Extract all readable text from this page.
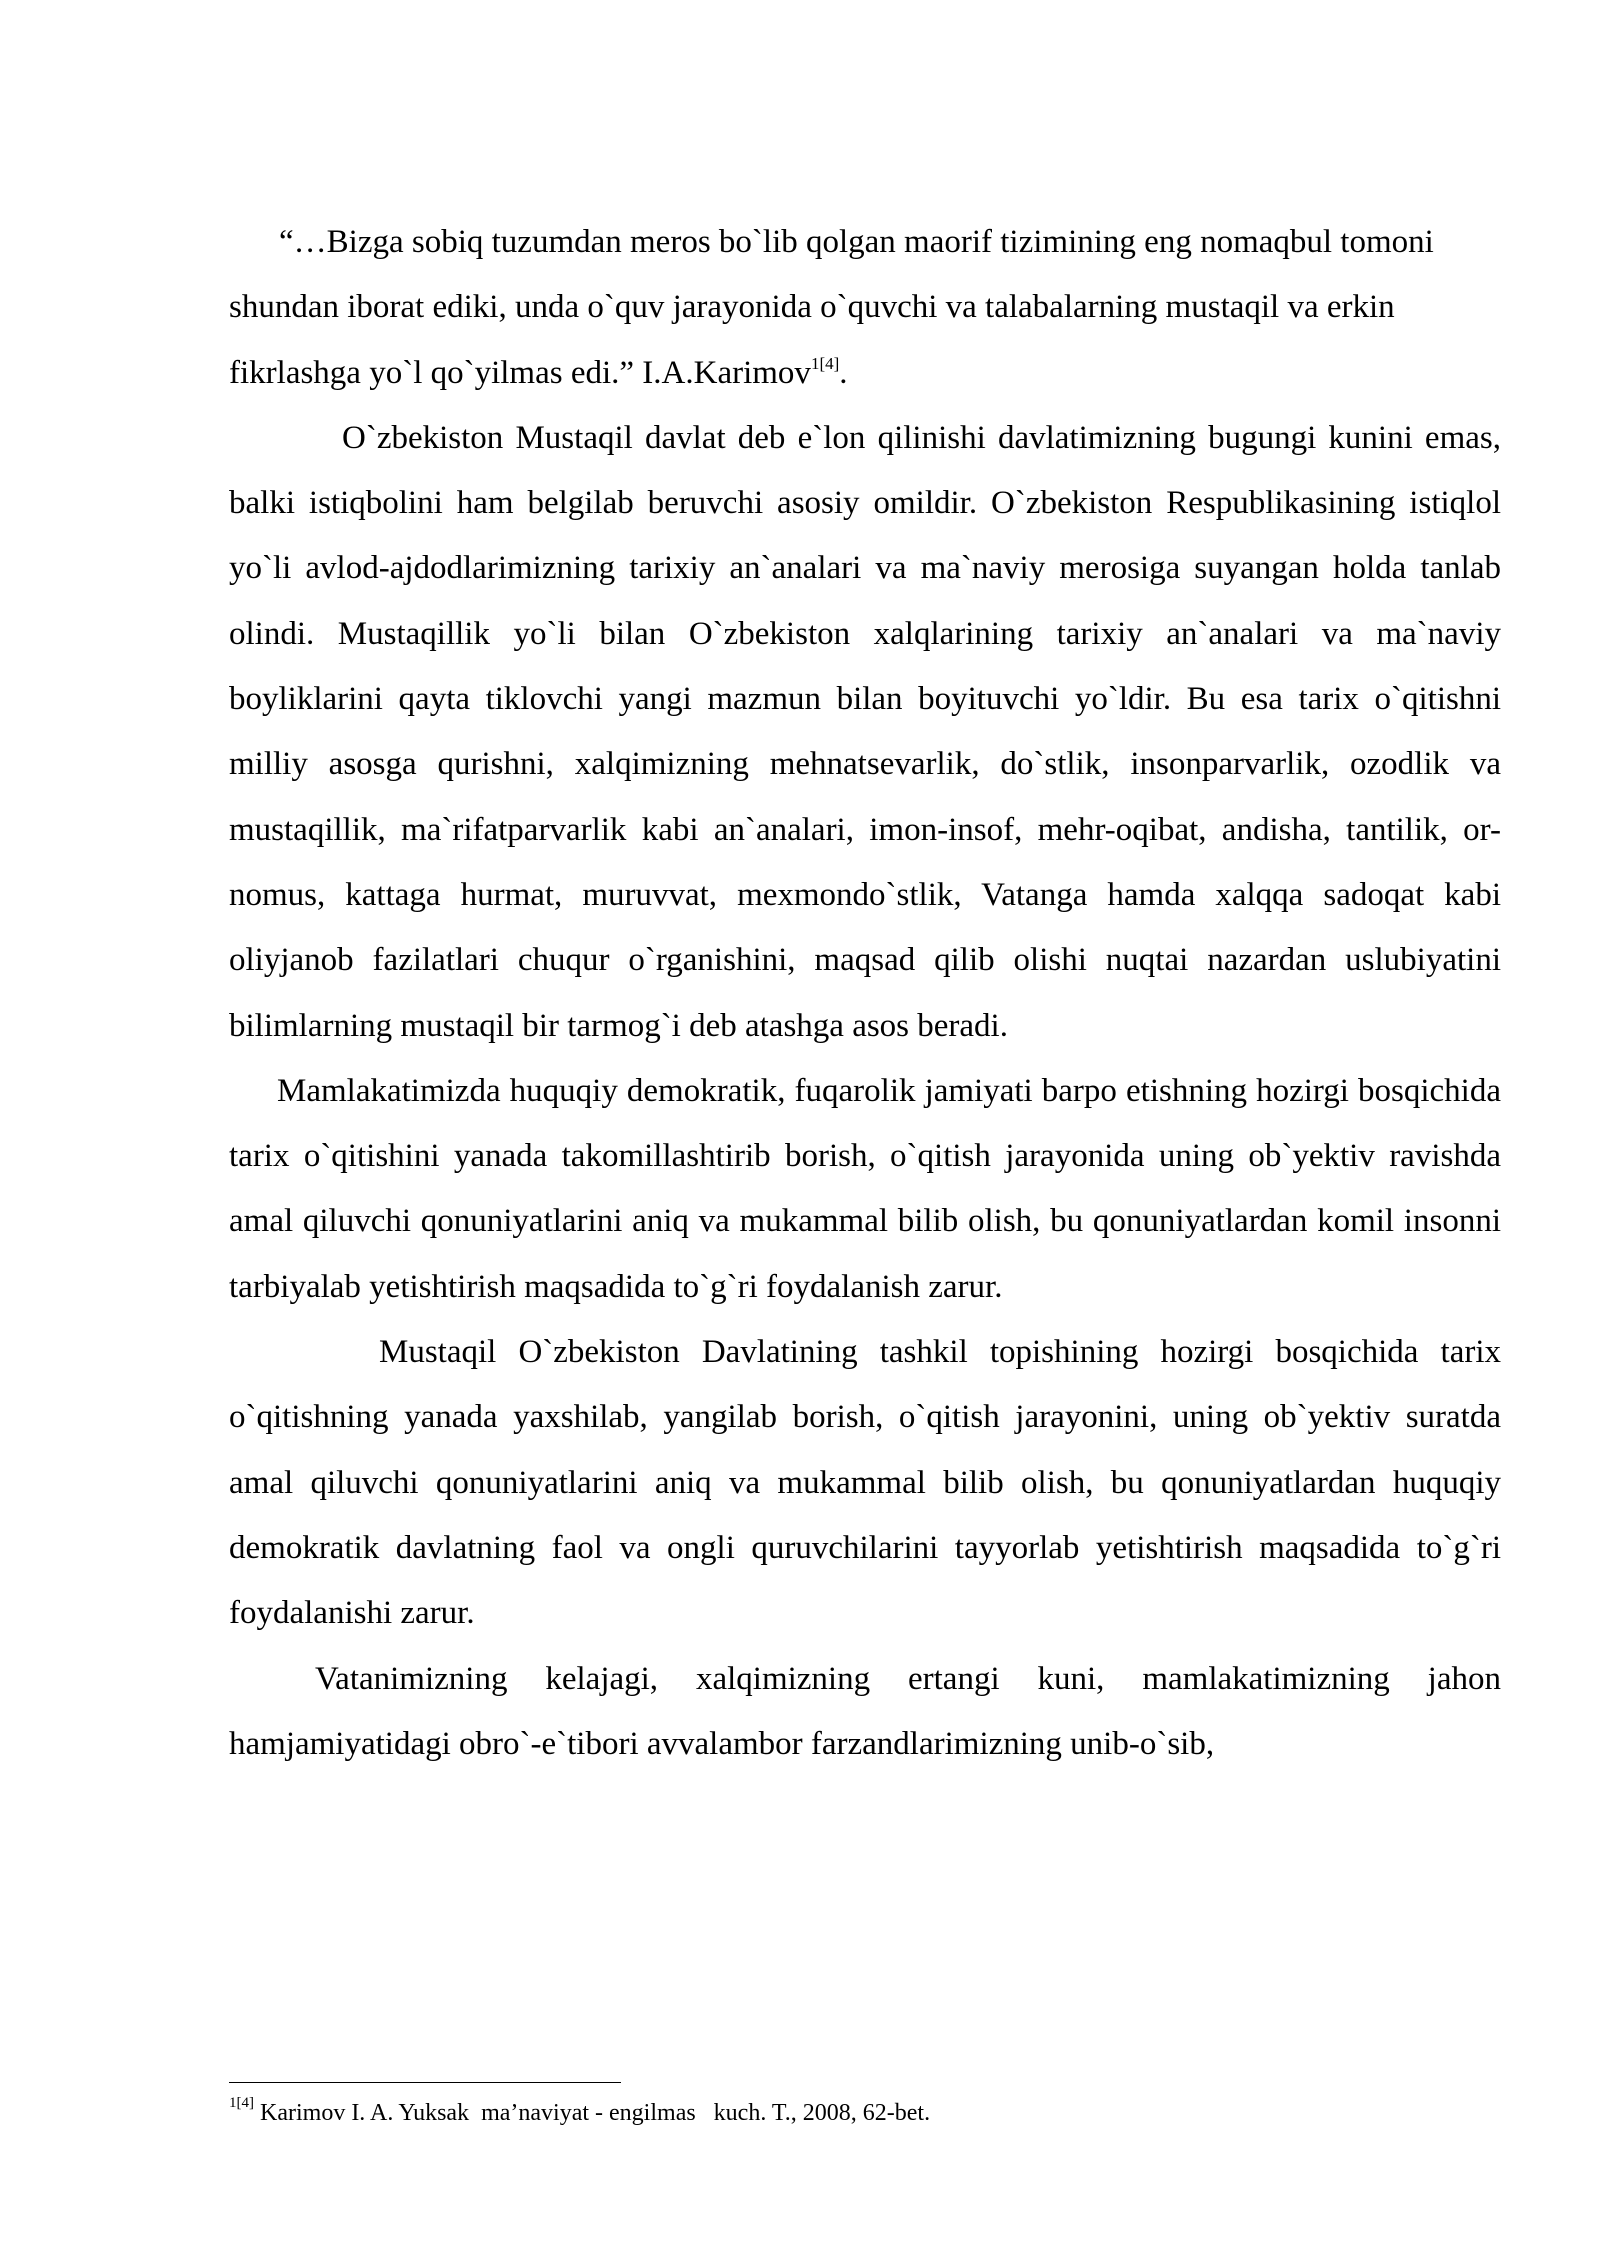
“…Bizga sobiq tuzumdan meros bo`lib qolgan maorif tizimining eng nomaqbul tomoni shundan iborat ediki, unda o`quv jarayonida o`quvchi va talabalarning mustaqil va erkin fikrlashga yo`l qo`yilmas edi.” I.A.Karimov$^{1[4]}$.

O`zbekiston Mustaqil davlat deb e`lon qilinishi davlatimizning bugungi kunini emas, balki istiqbolini ham belgilab beruvchi asosiy omildir. O`zbekiston Respublikasining istiqlol yo`li avlod-ajdodlarimizning tarixiy an`analari va ma`naviy merosiga suyangan holda tanlab olindi. Mustaqillik yo`li bilan O`zbekiston xalqlarining tarixiy an`analari va ma`naviy boyliklarini qayta tiklovchi yangi mazmun bilan boyituvchi yo`ldir. Bu esa tarix o`qitishni milliy asosga qurishni, xalqimizning mehnatsevarlik, do`stlik, insonparvarlik, ozodlik va mustaqillik, ma`rifatparvarlik kabi an`analari, imon-insof, mehr-oqibat, andisha, tantilik, or-nomus, kattaga hurmat, muruvvat, mexmondo`stlik, Vatanga hamda xalqqa sadoqat kabi oliyjanob fazilatlari chuqur o`rganishini, maqsad qilib olishi nuqtai nazardan uslubiyatini bilimlarning mustaqil bir tarmog`i deb atashga asos beradi.

Mamlakatimizda huquqiy demokratik, fuqarolik jamiyati barpo etishning hozirgi bosqichida tarix o`qitishini yanada takomillashtirib borish, o`qitish jarayonida uning ob`yektiv ravishda amal qiluvchi qonuniyatlarini aniq va mukammal bilib olish, bu qonuniyatlardan komil insonni tarbiyalab yetishtirish maqsadida to`g`ri foydalanish zarur.

Mustaqil O`zbekiston Davlatining tashkil topishining hozirgi bosqichida tarix o`qitishning yanada yaxshilab, yangilab borish, o`qitish jarayonini, uning ob`yektiv suratda amal qiluvchi qonuniyatlarini aniq va mukammal bilib olish, bu qonuniyatlardan huquqiy demokratik davlatning faol va ongli quruvchilarini tayyorlab yetishtirish maqsadida to`g`ri foydalanishi zarur.

Vatanimizning kelajagi, xalqimizning ertangi kuni, mamlakatimizning jahon hamjamiyatidagi obro`-e`tibori avvalambor farzandlarimizning unib-o`sib,

$^{1[4]}$ Karimov I. A. Yuksak  ma’naviyat - engilmas   kuch. T., 2008, 62-bet.
